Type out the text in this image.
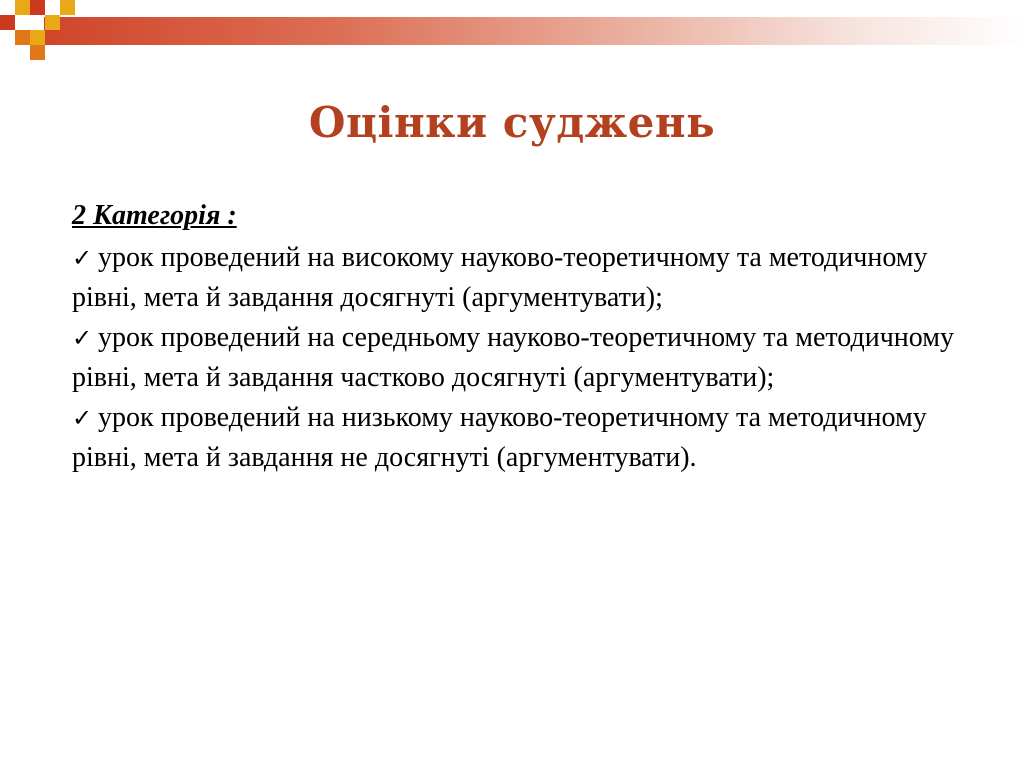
Оцінки суджень
2 Категорія :

✓ урок проведений на високому науково-теоретичному та методичному рівні, мета й завдання досягнуті (аргументувати);

✓ урок проведений на середньому науково-теоретичному та методичному рівні, мета й завдання частково досягнуті (аргументувати);

✓ урок проведений на низькому науково-теоретичному та методичному рівні, мета й завдання не досягнуті (аргументувати).
